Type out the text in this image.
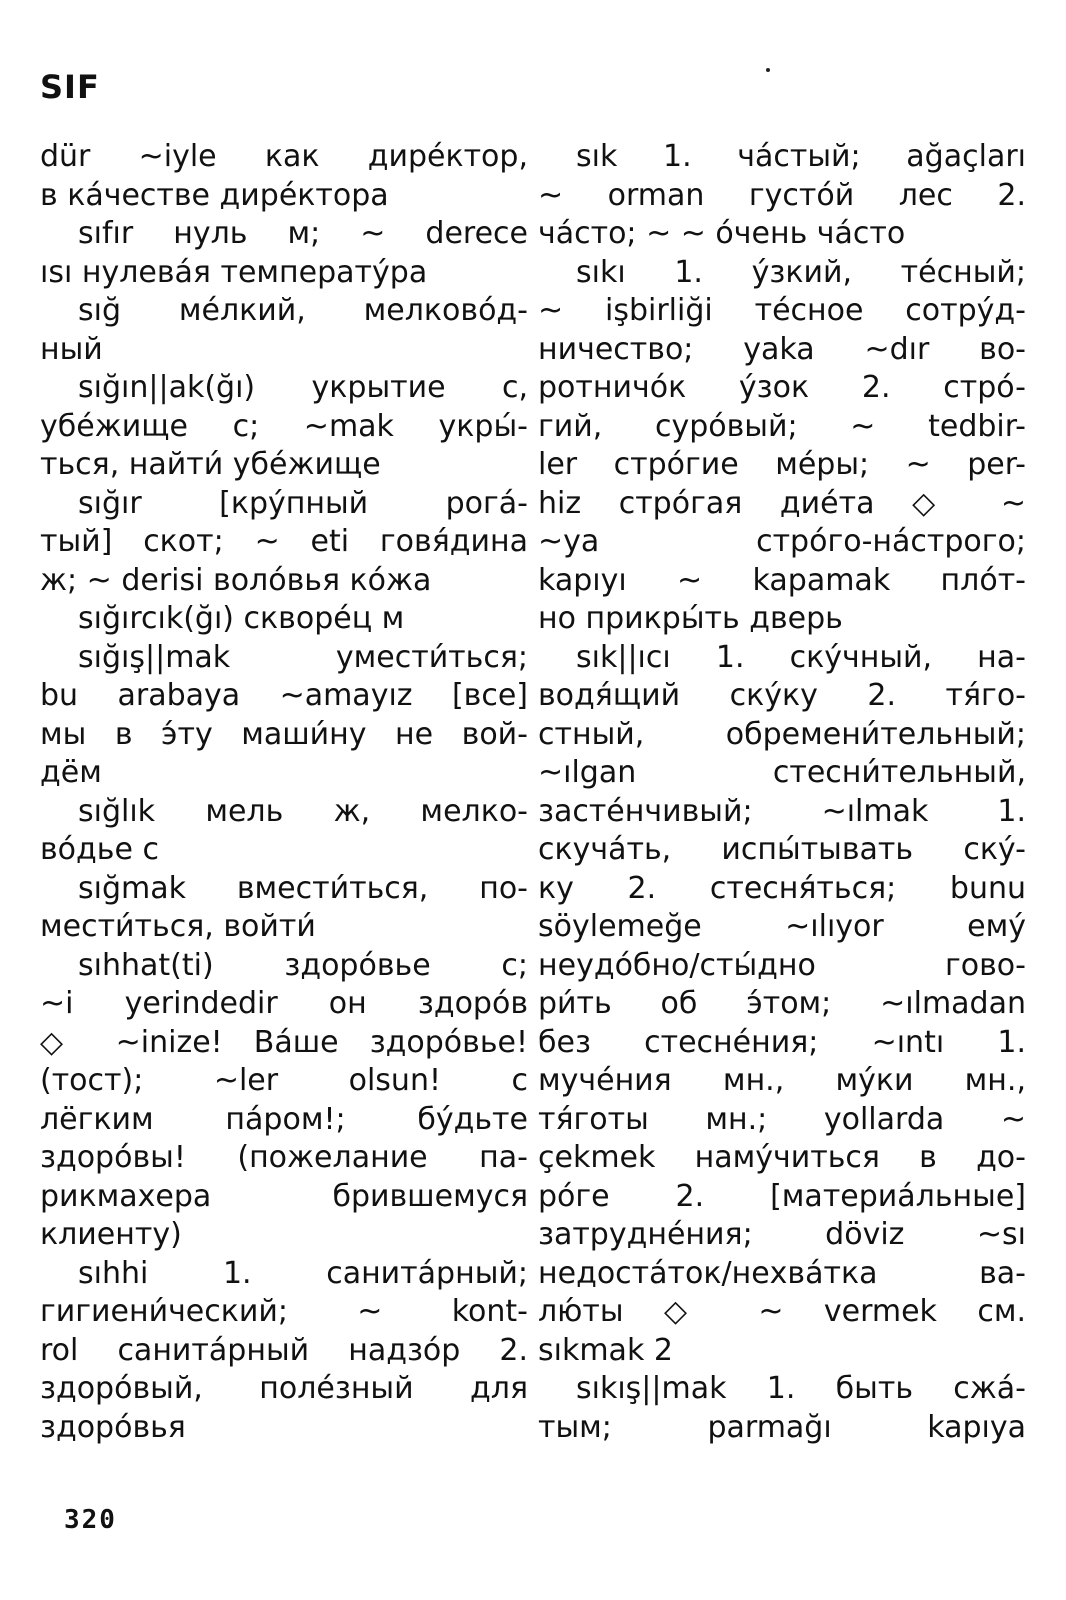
SIF
dür ~iyle как дирéктор,
в кáчестве дирéктора
sıfır нуль м; ~ derece
ısı нулевáя температýра
sığ мéлкий, мелковóд-
ный
sığın||ak(ğı) укрытие с,
убéжище с; ~mak укры́-
ться, найти́ убéжище
sığır [крýпный рогá-
тый] скот; ~ eti говя́дина
ж; ~ derisi волóвья кóжа
sığırcık(ğı) скворéц м
sığış||mak умести́ться;
bu arabaya ~amayız [все]
мы в э́ту маши́ну не вой-
дём
sığlık мель ж, мелко-
вóдье с
sığmak вмести́ться, по-
мести́ться, войти́
sıhhat(ti) здорóвье с;
~i yerindedir он здорóв
◇ ~inize! Вáше здорóвье!
(тост); ~ler olsun! с
лёгким пáром!; бýдьте
здорóвы! (пожелание па-
рикмахера брившемуся
клиенту)
sıhhi 1. санитáрный;
гигиени́ческий; ~ kont-
rol санитáрный надзóр 2.
здорóвый, полéзный для
здорóвья
sık 1. чáстый; ağaçları
~ orman густóй лес 2.
чáсто; ~ ~ óчень чáсто
sıkı 1. ýзкий, тéсный;
~ işbirliği тéсное сотрýд-
ничество; yaka ~dır во-
ротничóк ýзок 2. стрó-
гий, сурóвый; ~ tedbir-
ler стрóгие мéры; ~ per-
hiz стрóгая диéта ◇ ~
~ya стрóго-нáстрого;
kapıyı ~ kapamak плóт-
но прикры́ть дверь
sık||ıcı 1. скýчный, на-
водя́щий скýку 2. тя́го-
стный, обремени́тельный;
~ılgan стесни́тельный,
застéнчивый; ~ılmak 1.
скучáть, испы́тывать скý-
ку 2. стесня́ться; bunu
söylemeğe ~ılıyor емý
неудóбно/сты́дно гово-
ри́ть об э́том; ~ılmadan
без стеснéния; ~ıntı 1.
мучéния мн., мýки мн.,
тя́готы мн.; yollarda ~
çekmek намýчиться в до-
рóге 2. [материáльные]
затруднéния; döviz ~sı
недостáток/нехвáтка ва-
лю́ты ◇ ~ vermek см.
sıkmak 2
sıkış||mak 1. быть сжá-
тым; parmağı kapıya
320
